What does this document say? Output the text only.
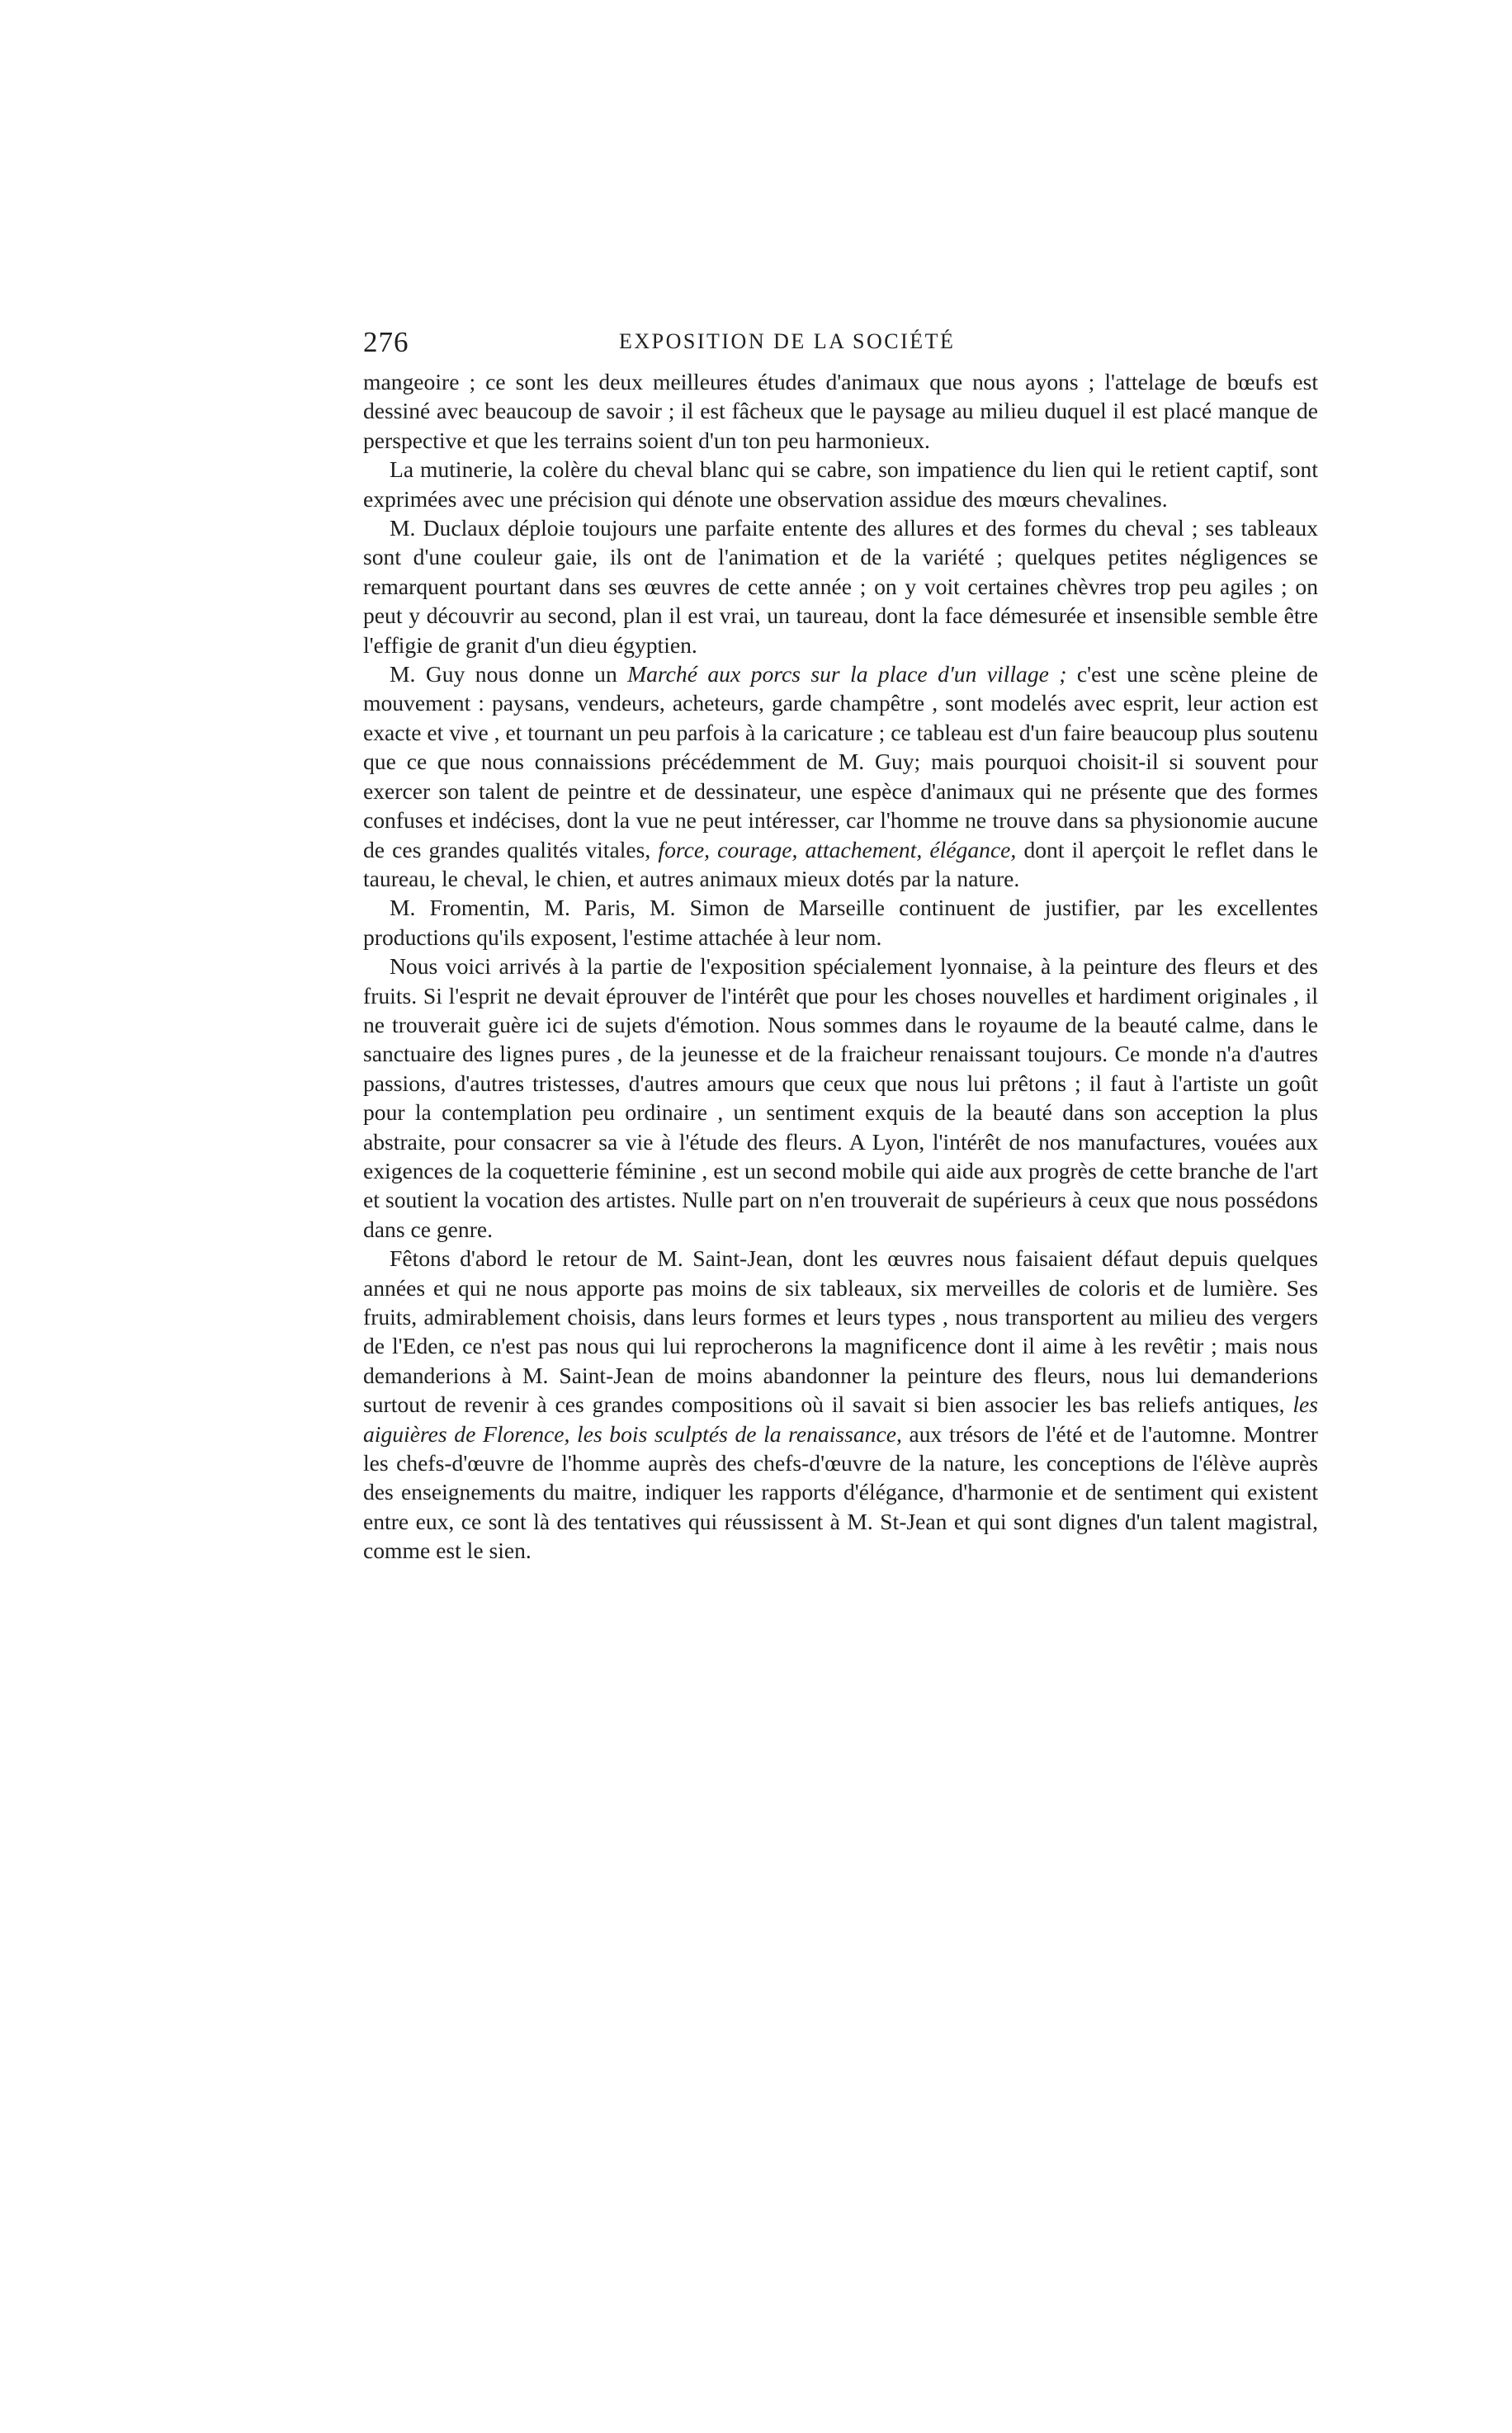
276	EXPOSITION DE LA SOCIÉTÉ

mangeoire ; ce sont les deux meilleures études d'animaux que nous ayons ; l'attelage de bœufs est dessiné avec beaucoup de savoir ; il est fâcheux que le paysage au milieu duquel il est placé manque de perspective et que les terrains soient d'un ton peu harmonieux.

La mutinerie, la colère du cheval blanc qui se cabre, son impatience du lien qui le retient captif, sont exprimées avec une précision qui dénote une observation assidue des mœurs chevalines.

M. Duclaux déploie toujours une parfaite entente des allures et des formes du cheval ; ses tableaux sont d'une couleur gaie, ils ont de l'animation et de la variété ; quelques petites négligences se remarquent pourtant dans ses œuvres de cette année ; on y voit certaines chèvres trop peu agiles ; on peut y découvrir au second, plan il est vrai, un taureau, dont la face démesurée et insensible semble être l'effigie de granit d'un dieu égyptien.

M. Guy nous donne un Marché aux porcs sur la place d'un village ; c'est une scène pleine de mouvement : paysans, vendeurs, acheteurs, garde champêtre , sont modelés avec esprit, leur action est exacte et vive , et tournant un peu parfois à la caricature ; ce tableau est d'un faire beaucoup plus soutenu que ce que nous connaissions précédemment de M. Guy; mais pourquoi choisit-il si souvent pour exercer son talent de peintre et de dessinateur, une espèce d'animaux qui ne présente que des formes confuses et indécises, dont la vue ne peut intéresser, car l'homme ne trouve dans sa physionomie aucune de ces grandes qualités vitales, force, courage, attachement, élégance, dont il aperçoit le reflet dans le taureau, le cheval, le chien, et autres animaux mieux dotés par la nature.

M. Fromentin, M. Paris, M. Simon de Marseille continuent de justifier, par les excellentes productions qu'ils exposent, l'estime attachée à leur nom.

Nous voici arrivés à la partie de l'exposition spécialement lyonnaise, à la peinture des fleurs et des fruits. Si l'esprit ne devait éprouver de l'intérêt que pour les choses nouvelles et hardiment originales , il ne trouverait guère ici de sujets d'émotion. Nous sommes dans le royaume de la beauté calme, dans le sanctuaire des lignes pures , de la jeunesse et de la fraicheur renaissant toujours. Ce monde n'a d'autres passions, d'autres tristesses, d'autres amours que ceux que nous lui prêtons ; il faut à l'artiste un goût pour la contemplation peu ordinaire , un sentiment exquis de la beauté dans son acception la plus abstraite, pour consacrer sa vie à l'étude des fleurs. A Lyon, l'intérêt de nos manufactures, vouées aux exigences de la coquetterie féminine , est un second mobile qui aide aux progrès de cette branche de l'art et soutient la vocation des artistes. Nulle part on n'en trouverait de supérieurs à ceux que nous possédons dans ce genre.

Fêtons d'abord le retour de M. Saint-Jean, dont les œuvres nous faisaient défaut depuis quelques années et qui ne nous apporte pas moins de six tableaux, six merveilles de coloris et de lumière. Ses fruits, admirablement choisis, dans leurs formes et leurs types , nous transportent au milieu des vergers de l'Eden, ce n'est pas nous qui lui reprocherons la magnificence dont il aime à les revêtir ; mais nous demanderions à M. Saint-Jean de moins abandonner la peinture des fleurs, nous lui demanderions surtout de revenir à ces grandes compositions où il savait si bien associer les bas reliefs antiques, les aiguières de Florence, les bois sculptés de la renaissance, aux trésors de l'été et de l'automne. Montrer les chefs-d'œuvre de l'homme auprès des chefs-d'œuvre de la nature, les conceptions de l'élève auprès des enseignements du maitre, indiquer les rapports d'élégance, d'harmonie et de sentiment qui existent entre eux, ce sont là des tentatives qui réussissent à M. St-Jean et qui sont dignes d'un talent magistral, comme est le sien.
